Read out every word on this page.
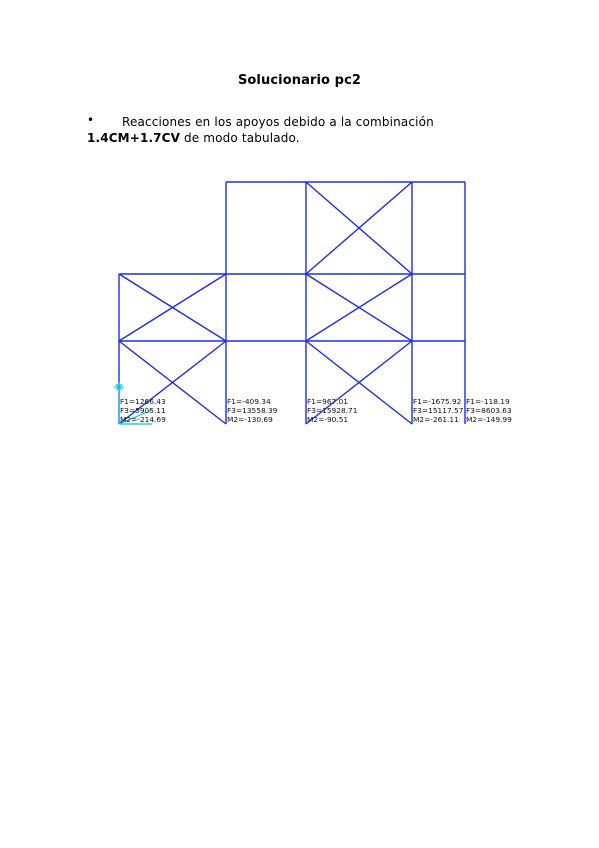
Solucionario pc2
•	Reacciones en los apoyos debido a la combinación 1.4CM+1.7CV de modo tabulado.
F1=1266.43
F3=5905.11
M2=-214.69
F1=-409.34
F3=13558.39
M2=-130.69
F1=967.01
F3=15928.71
M2=-90.51
F1=-1675.92
F3=15117.57
M2=-261.11
F1=-118.19
F3=8603.63
M2=-149.99
